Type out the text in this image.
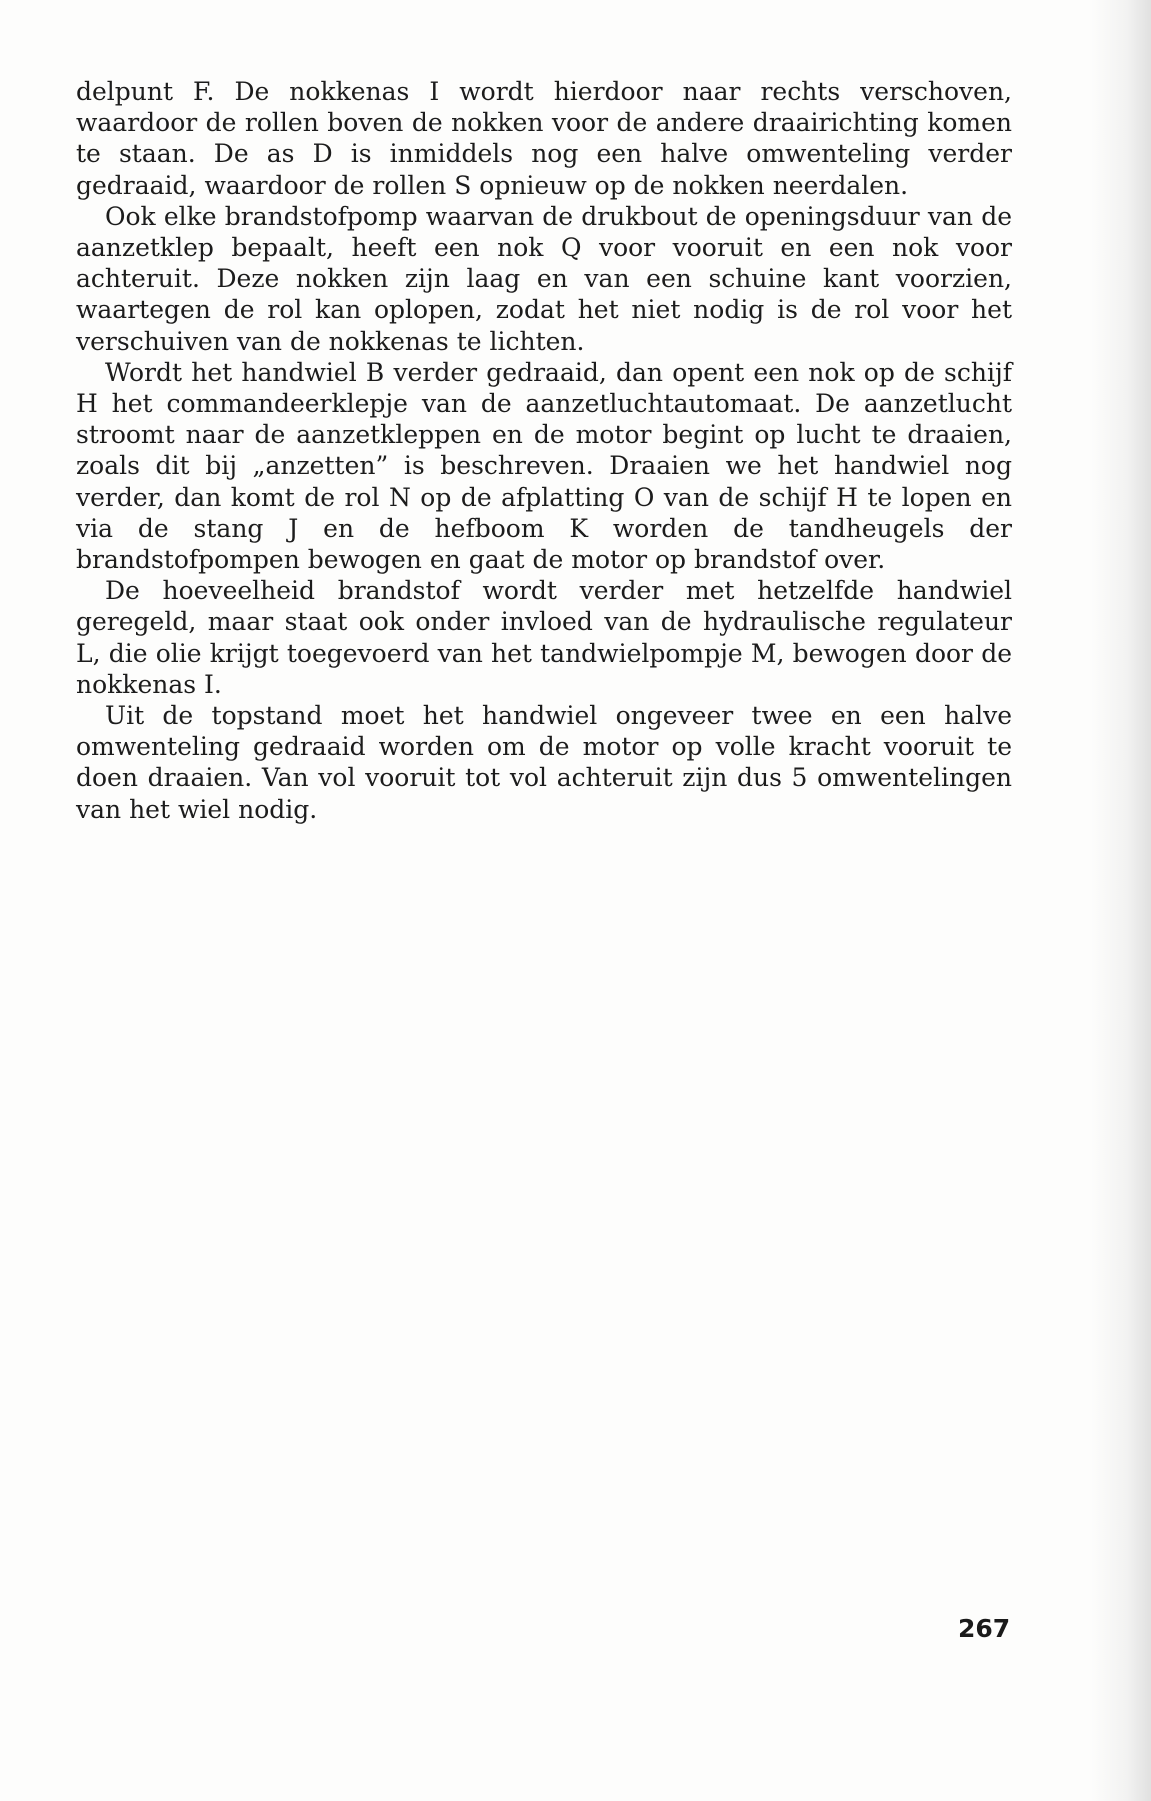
delpunt F. De nokkenas I wordt hierdoor naar rechts verschoven, waardoor de rollen boven de nokken voor de andere draairichting komen te staan. De as D is inmiddels nog een halve omwenteling verder gedraaid, waardoor de rollen S opnieuw op de nokken neerdalen.

Ook elke brandstofpomp waarvan de drukbout de openingsduur van de aanzetklep bepaalt, heeft een nok Q voor vooruit en een nok voor achteruit. Deze nokken zijn laag en van een schuine kant voorzien, waartegen de rol kan oplopen, zodat het niet nodig is de rol voor het verschuiven van de nokkenas te lichten.

Wordt het handwiel B verder gedraaid, dan opent een nok op de schijf H het commandeerklepje van de aanzetluchtautomaat. De aanzetlucht stroomt naar de aanzetkleppen en de motor begint op lucht te draaien, zoals dit bij „anzetten” is beschreven. Draaien we het handwiel nog verder, dan komt de rol N op de afplatting O van de schijf H te lopen en via de stang J en de hefboom K worden de tandheugels der brandstofpompen bewogen en gaat de motor op brandstof over.

De hoeveelheid brandstof wordt verder met hetzelfde handwiel geregeld, maar staat ook onder invloed van de hydraulische regulateur L, die olie krijgt toegevoerd van het tandwielpompje M, bewogen door de nokkenas I.

Uit de topstand moet het handwiel ongeveer twee en een halve omwenteling gedraaid worden om de motor op volle kracht vooruit te doen draaien. Van vol vooruit tot vol achteruit zijn dus 5 omwentelingen van het wiel nodig.

267
